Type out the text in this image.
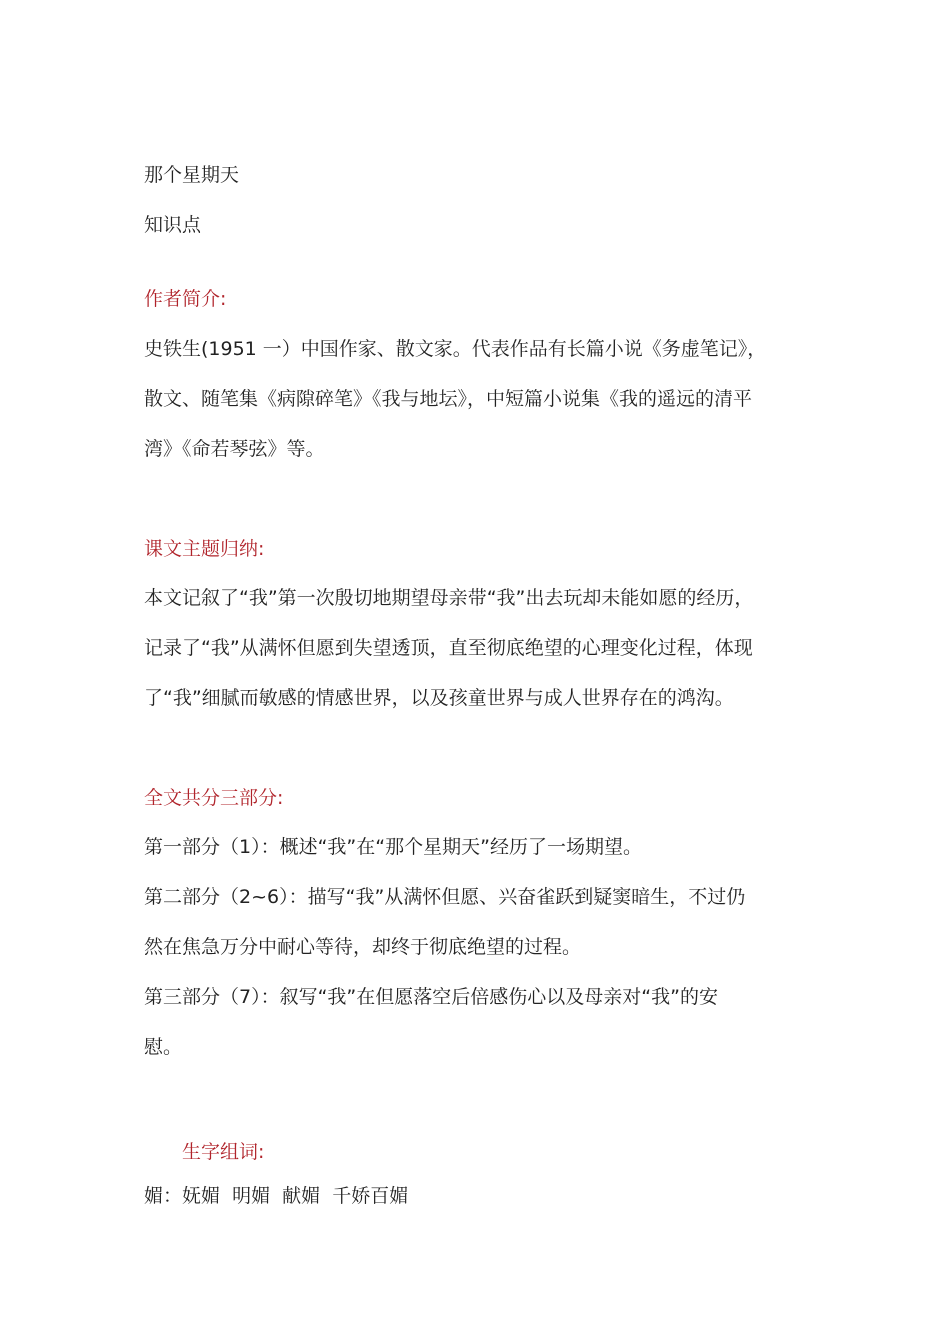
那个星期天
知识点
作者简介:
史铁生(1951 一）中国作家、散文家。代表作品有长篇小说《务虚笔记》，
散文、随笔集《病隙碎笔》《我与地坛》，中短篇小说集《我的遥远的清平
湾》《命若琴弦》等。
课文主题归纳:
本文记叙了“我”第一次殷切地期望母亲带“我”出去玩却未能如愿的经历，
记录了“我”从满怀但愿到失望透顶，直至彻底绝望的心理变化过程，体现
了“我”细腻而敏感的情感世界，以及孩童世界与成人世界存在的鸿沟。
全文共分三部分:
第一部分（1）：概述“我”在“那个星期天”经历了一场期望。
第二部分（2~6）：描写“我”从满怀但愿、兴奋雀跃到疑窦暗生，不过仍
然在焦急万分中耐心等待，却终于彻底绝望的过程。
第三部分（7）：叙写“我”在但愿落空后倍感伤心以及母亲对“我”的安
慰。
生字组词:
媚：妩媚  明媚  献媚  千娇百媚
